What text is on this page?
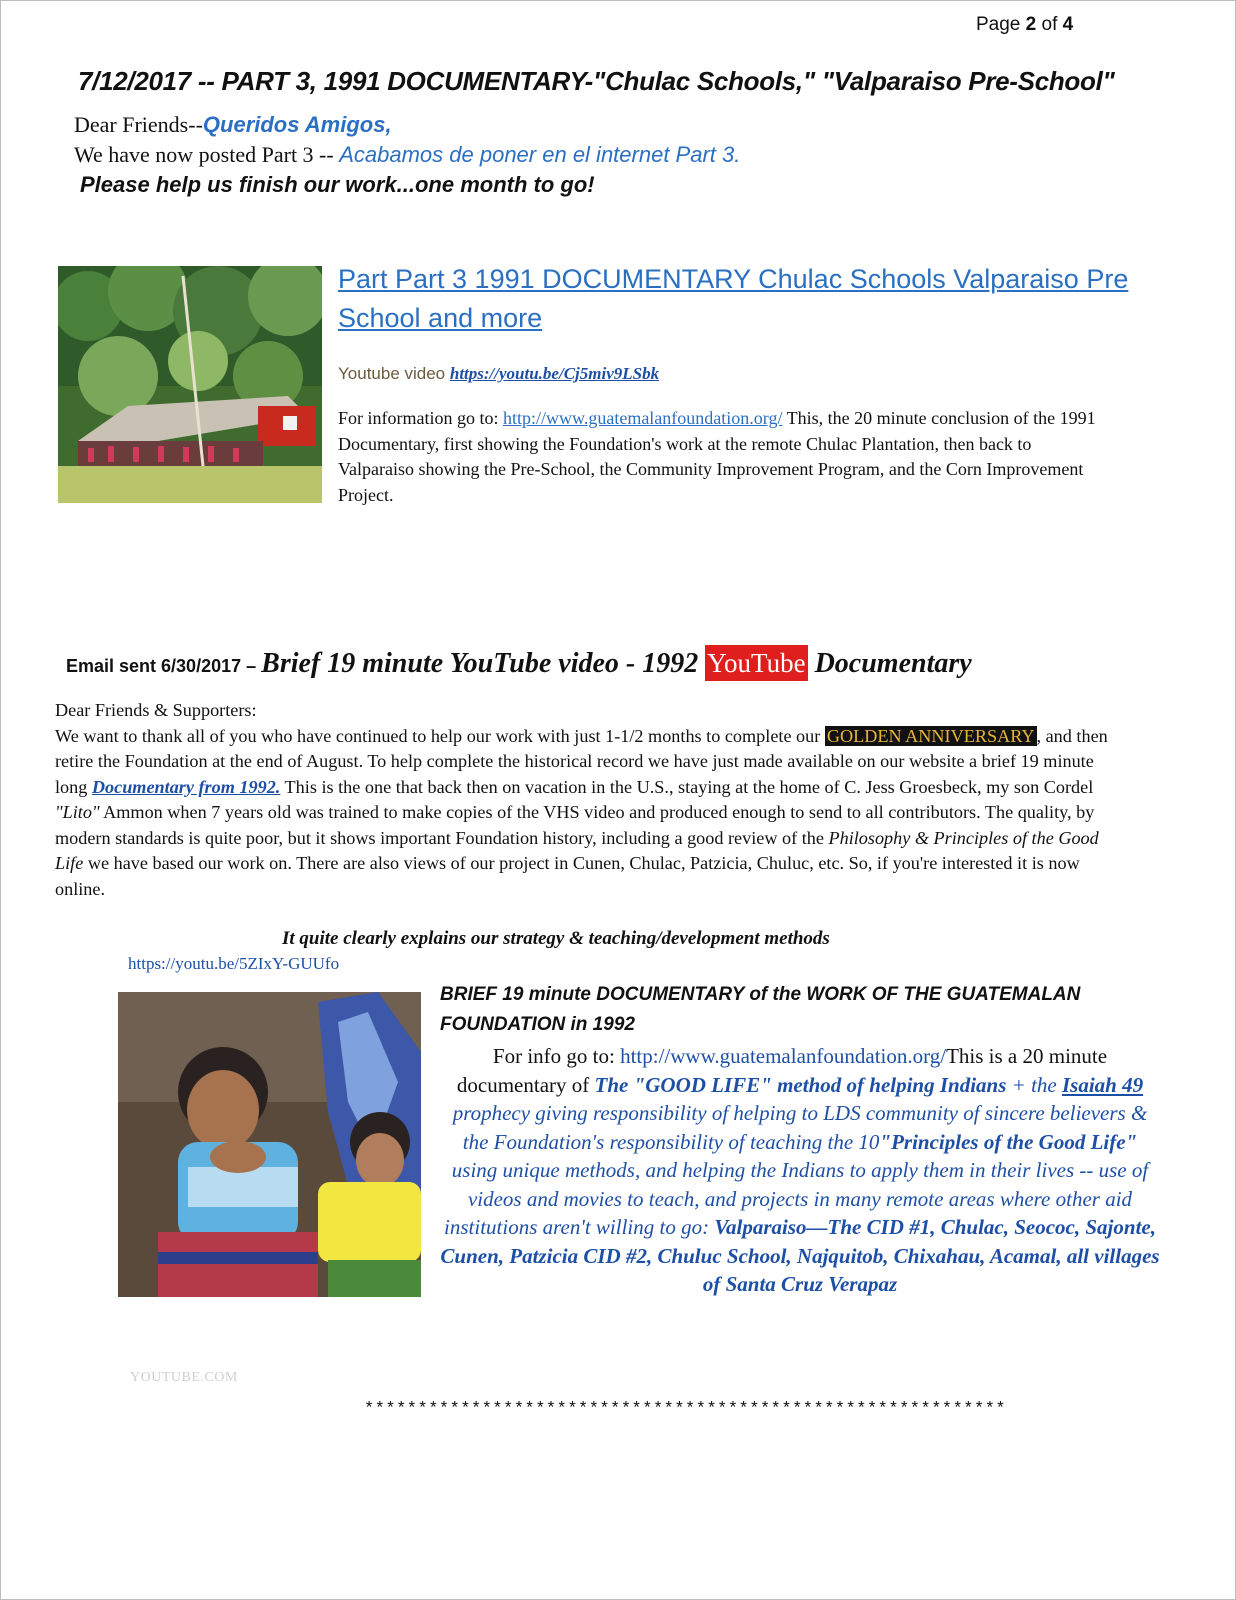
Page 2 of 4
7/12/2017 -- PART 3, 1991 DOCUMENTARY-"Chulac Schools," "Valparaiso Pre-School"
Dear Friends--Queridos Amigos,
We have now posted Part 3 -- Acabamos de poner en el internet Part 3.
Please help us finish our work...one month to go!
Part Part 3 1991 DOCUMENTARY Chulac Schools Valparaiso Pre School and more
Youtube video https://youtu.be/Cj5miv9LSbk
For information go to: http://www.guatemalanfoundation.org/ This, the 20 minute conclusion of the 1991 Documentary, first showing the Foundation's work at the remote Chulac Plantation, then back to Valparaiso showing the Pre-School, the Community Improvement Program, and the Corn Improvement Project.
Email sent 6/30/2017 – Brief 19 minute YouTube video - 1992 YouTube Documentary
Dear Friends & Supporters:
We want to thank all of you who have continued to help our work with just 1-1/2 months to complete our GOLDEN ANNIVERSARY , and then retire the Foundation at the end of August. To help complete the historical record we have just made available on our website a brief 19 minute long Documentary from 1992. This is the one that back then on vacation in the U.S., staying at the home of C. Jess Groesbeck, my son Cordel "Lito" Ammon when 7 years old was trained to make copies of the VHS video and produced enough to send to all contributors. The quality, by modern standards is quite poor, but it shows important Foundation history, including a good review of the Philosophy & Principles of the Good Life we have based our work on. There are also views of our project in Cunen, Chulac, Patzicia, Chuluc, etc. So, if you're interested it is now online.
It quite clearly explains our strategy & teaching/development methods
https://youtu.be/5ZIxY-GUUfo
BRIEF 19 minute DOCUMENTARY of the WORK OF THE GUATEMALAN FOUNDATION in 1992
For info go to: http://www.guatemalanfoundation.org/This is a 20 minute documentary of The "GOOD LIFE" method of helping Indians + the Isaiah 49 prophecy giving responsibility of helping to LDS community of sincere believers & the Foundation's responsibility of teaching the 10"Principles of the Good Life" using unique methods, and helping the Indians to apply them in their lives -- use of videos and movies to teach, and projects in many remote areas where other aid institutions aren't willing to go: Valparaiso—The CID #1, Chulac, Seococ, Sajonte, Cunen, Patzicia CID #2, Chuluc School, Najquitob, Chixahau, Acamal, all villages of Santa Cruz Verapaz
YOUTUBE.COM
************************************************************
